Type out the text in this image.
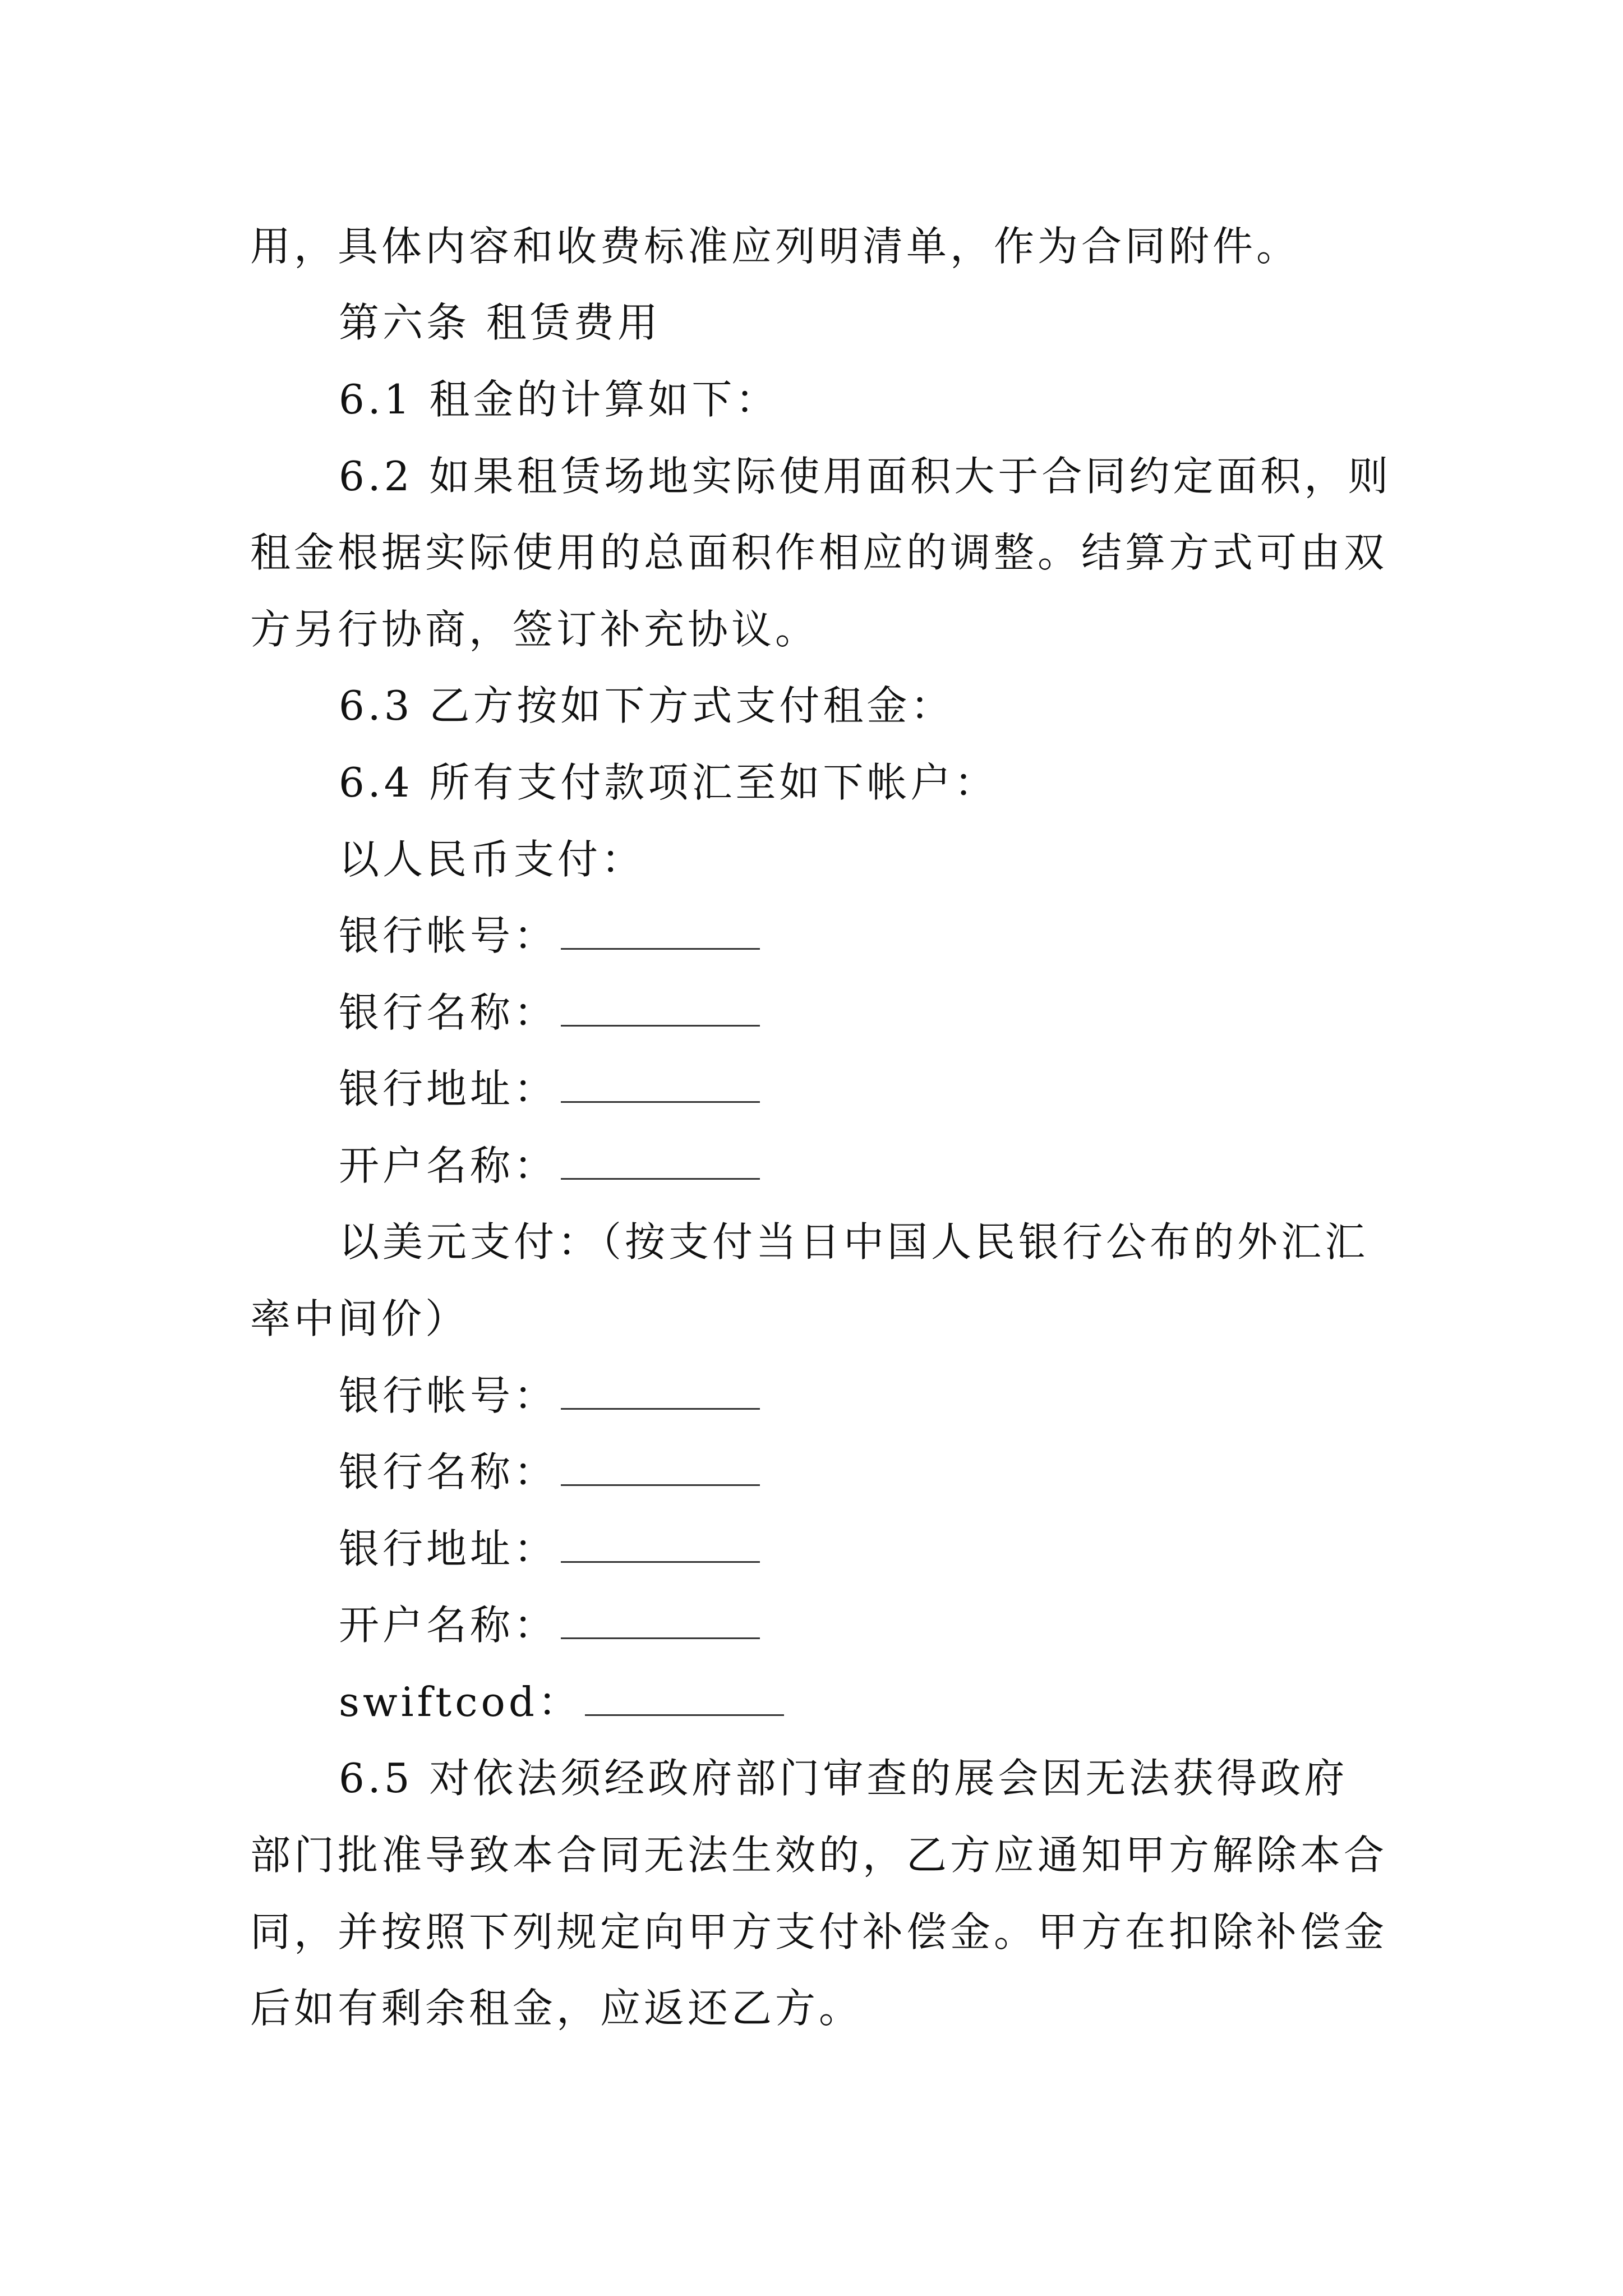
用，具体内容和收费标准应列明清单，作为合同附件。
第六条 租赁费用
6.1 租金的计算如下：
6.2 如果租赁场地实际使用面积大于合同约定面积，则
租金根据实际使用的总面积作相应的调整。结算方式可由双
方另行协商，签订补充协议。
6.3 乙方按如下方式支付租金：
6.4 所有支付款项汇至如下帐户：
以人民币支付：
银行帐号：
银行名称：
银行地址：
开户名称：
以美元支付：（按支付当日中国人民银行公布的外汇汇
率中间价）
银行帐号：
银行名称：
银行地址：
开户名称：
swiftcod：
6.5 对依法须经政府部门审查的展会因无法获得政府
部门批准导致本合同无法生效的，乙方应通知甲方解除本合
同，并按照下列规定向甲方支付补偿金。甲方在扣除补偿金
后如有剩余租金，应返还乙方。
